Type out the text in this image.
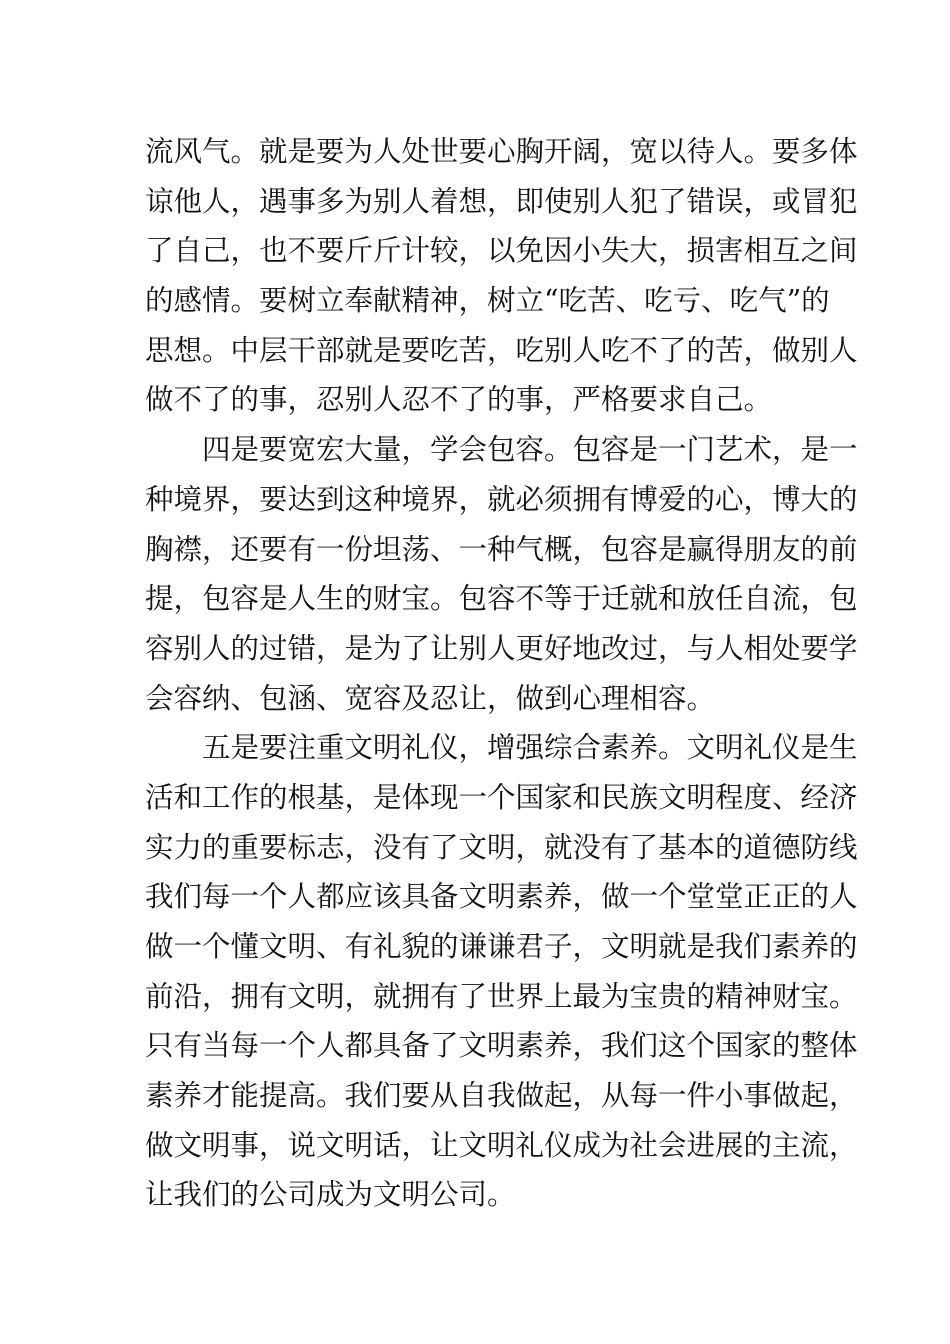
流风气。就是要为人处世要心胸开阔，宽以待人。要多体
谅他人，遇事多为别人着想，即使别人犯了错误，或冒犯
了自己，也不要斤斤计较，以免因小失大，损害相互之间
的感情。要树立奉献精神，树立“吃苦、吃亏、吃气”的
思想。中层干部就是要吃苦，吃别人吃不了的苦，做别人
做不了的事，忍别人忍不了的事，严格要求自己。
四是要宽宏大量，学会包容。包容是一门艺术，是一
种境界，要达到这种境界，就必须拥有博爱的心，博大的
胸襟，还要有一份坦荡、一种气概，包容是赢得朋友的前
提，包容是人生的财宝。包容不等于迁就和放任自流，包
容别人的过错，是为了让别人更好地改过，与人相处要学
会容纳、包涵、宽容及忍让，做到心理相容。
五是要注重文明礼仪，增强综合素养。文明礼仪是生
活和工作的根基，是体现一个国家和民族文明程度、经济
实力的重要标志，没有了文明，就没有了基本的道德防线
我们每一个人都应该具备文明素养，做一个堂堂正正的人
做一个懂文明、有礼貌的谦谦君子，文明就是我们素养的
前沿，拥有文明，就拥有了世界上最为宝贵的精神财宝。
只有当每一个人都具备了文明素养，我们这个国家的整体
素养才能提高。我们要从自我做起，从每一件小事做起，
做文明事，说文明话，让文明礼仪成为社会进展的主流，
让我们的公司成为文明公司。
